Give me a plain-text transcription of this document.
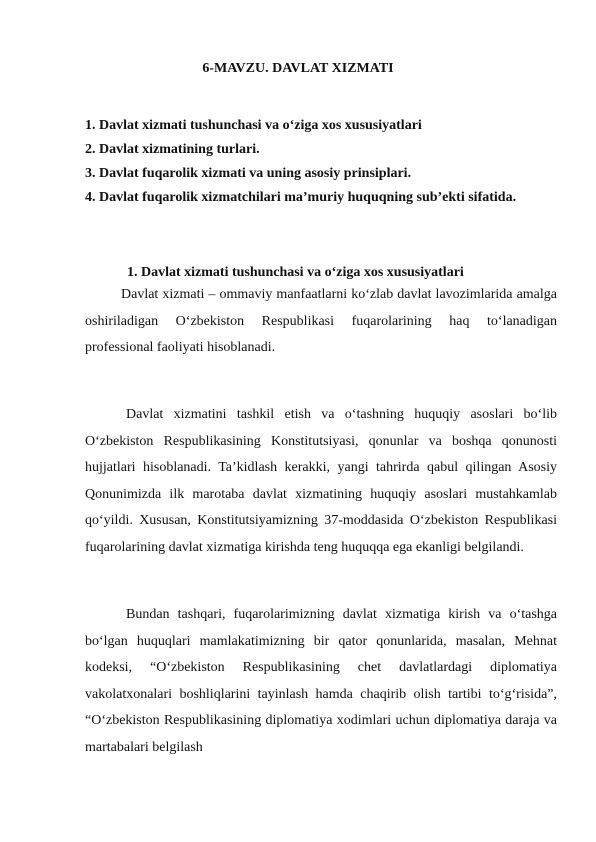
6-MAVZU. DAVLAT XIZMATI
1. Davlat xizmati tushunchasi va o‘ziga xos xususiyatlari
2. Davlat xizmatining turlari.
3. Davlat fuqarolik xizmati va uning asosiy prinsiplari.
4. Davlat fuqarolik xizmatchilari ma’muriy huquqning sub’ekti sifatida.
1. Davlat xizmati tushunchasi va o‘ziga xos xususiyatlari

Davlat xizmati – ommaviy manfaatlarni ko‘zlab davlat lavozimlarida amalga oshiriladigan O‘zbekiston Respublikasi fuqarolarining haq to‘lanadigan professional faoliyati hisoblanadi.

Davlat xizmatini tashkil etish va o‘tashning huquqiy asoslari bo‘lib O‘zbekiston Respublikasining Konstitutsiyasi, qonunlar va boshqa qonunosti hujjatlari hisoblanadi. Ta’kidlash kerakki, yangi tahrirda qabul qilingan Asosiy Qonunimizda ilk marotaba davlat xizmatining huquqiy asoslari mustahkamlab qo‘yildi. Xususan, Konstitutsiyamizning 37-moddasida O‘zbekiston Respublikasi fuqarolarining davlat xizmatiga kirishda teng huquqqa ega ekanligi belgilandi.

Bundan tashqari, fuqarolarimizning davlat xizmatiga kirish va o‘tashga bo‘lgan huquqlari mamlakatimizning bir qator qonunlarida, masalan, Mehnat kodeksi, “O‘zbekiston Respublikasining chet davlatlardagi diplomatiya vakolatxonalari boshliqlarini tayinlash hamda chaqirib olish tartibi to‘g‘risida”, “O‘zbekiston Respublikasining diplomatiya xodimlari uchun diplomatiya daraja va martabalari belgilash
